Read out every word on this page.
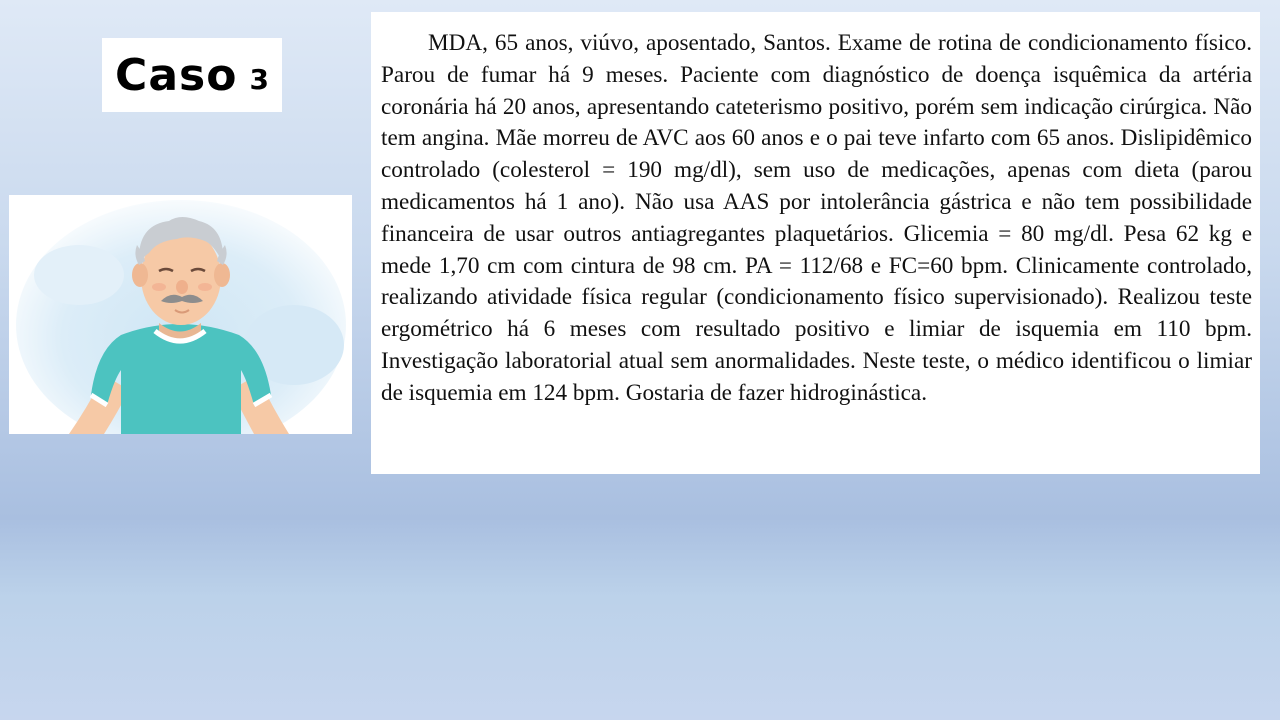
Caso 3

MDA, 65 anos, viúvo, aposentado, Santos. Exame de rotina de condicionamento físico. Parou de fumar há 9 meses. Paciente com diagnóstico de doença isquêmica da artéria coronária há 20 anos, apresentando cateterismo positivo, porém sem indicação cirúrgica. Não tem angina. Mãe morreu de AVC aos 60 anos e o pai teve infarto com 65 anos. Dislipidêmico controlado (colesterol = 190 mg/dl), sem uso de medicações, apenas com dieta (parou medicamentos há 1 ano). Não usa AAS por intolerância gástrica e não tem possibilidade financeira de usar outros antiagregantes plaquetários. Glicemia = 80 mg/dl. Pesa 62 kg e mede 1,70 cm com cintura de 98 cm. PA = 112/68 e FC=60 bpm. Clinicamente controlado, realizando atividade física regular (condicionamento físico supervisionado). Realizou teste ergométrico há 6 meses com resultado positivo e limiar de isquemia em 110 bpm. Investigação laboratorial atual sem anormalidades. Neste teste, o médico identificou o limiar de isquemia em 124 bpm. Gostaria de fazer hidroginástica.
